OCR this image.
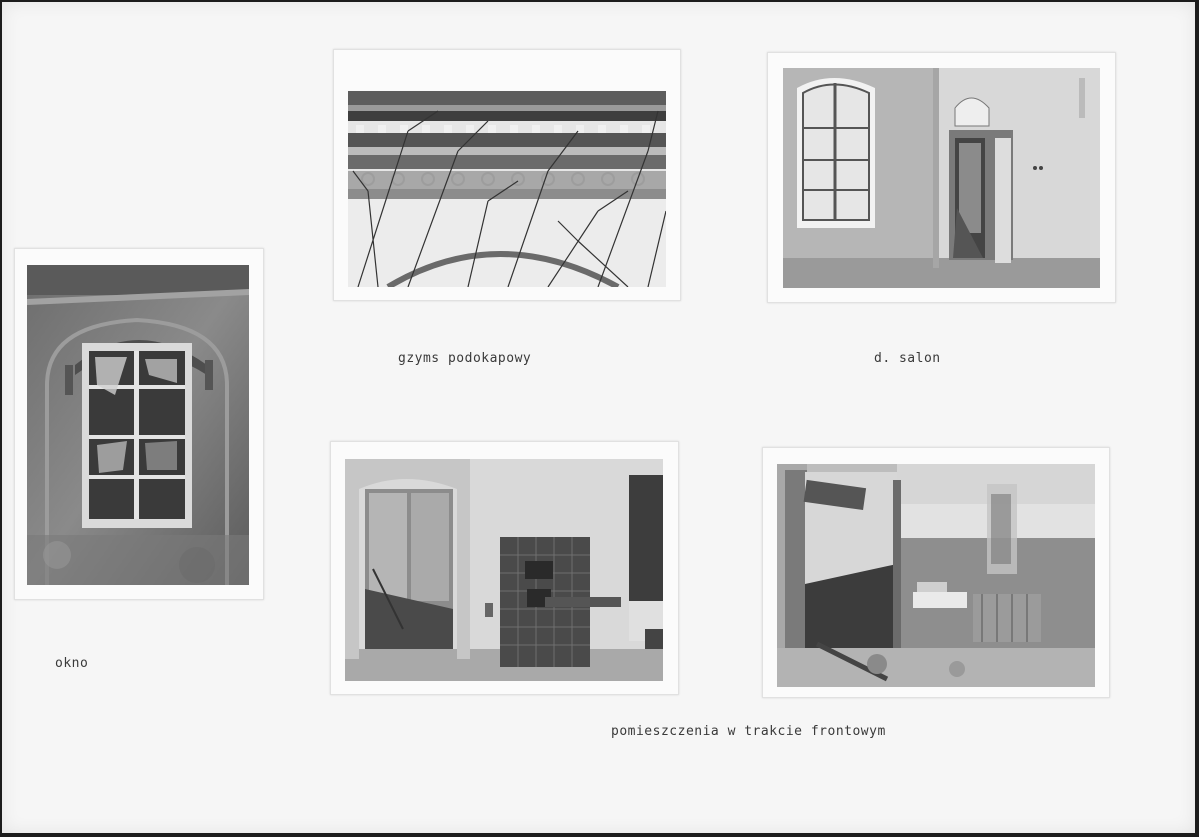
okno
gzyms podokapowy	d. salon
pomieszczenia w trakcie frontowym
